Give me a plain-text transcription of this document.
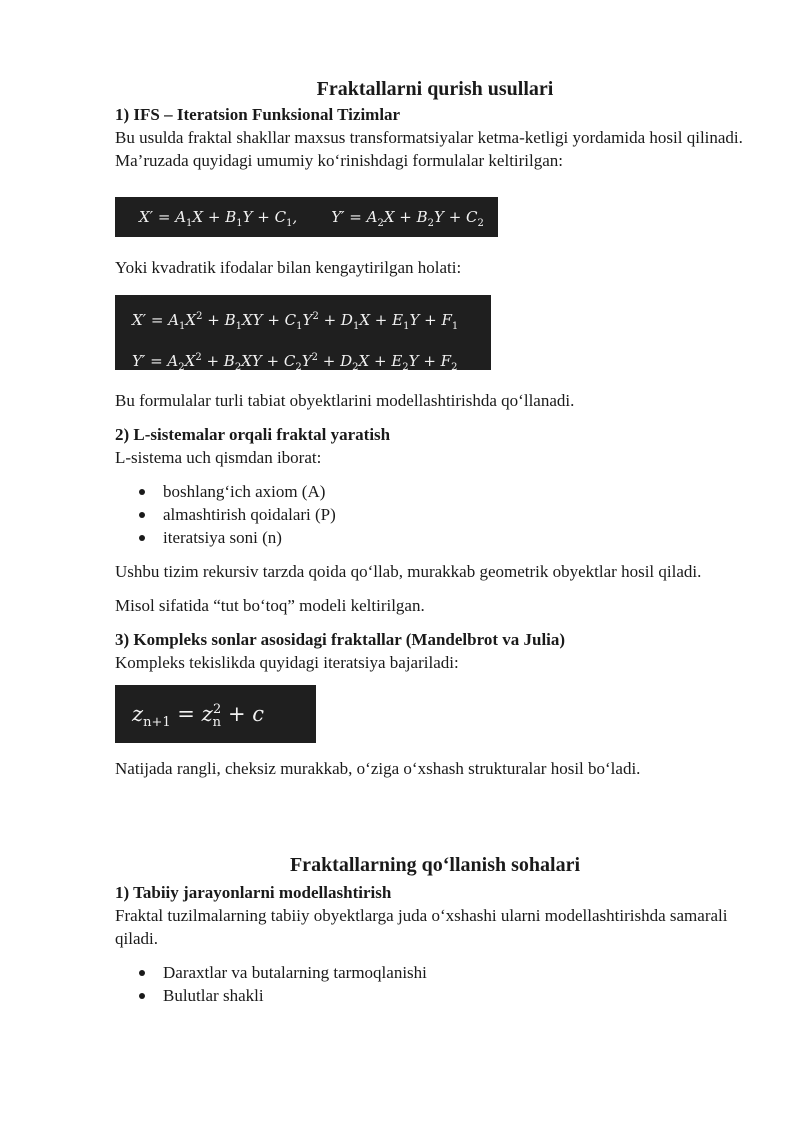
Fraktallarni qurish usullari
1) IFS – Iteratsion Funksional Tizimlar

Bu usulda fraktal shakllar maxsus transformatsiyalar ketma-ketligi yordamida hosil qilinadi. Ma’ruzada quyidagi umumiy ko‘rinishdagi formulalar keltirilgan:

$X' = A_1X + B_1Y + C_1$, $Y' = A_2X + B_2Y + C_2$

Yoki kvadratik ifodalar bilan kengaytirilgan holati:

$X' = A_1X^2 + B_1XY + C_1Y^2 + D_1X + E_1Y + F_1$
$Y' = A_2X^2 + B_2XY + C_2Y^2 + D_2X + E_2Y + F_2$

Bu formulalar turli tabiat obyektlarini modellashtirishda qo‘llanadi.

2) L-sistemalar orqali fraktal yaratish

L-sistema uch qismdan iborat:

boshlang‘ich axiom (A)
almashtirish qoidalari (P)
iteratsiya soni (n)

Ushbu tizim rekursiv tarzda qoida qo‘llab, murakkab geometrik obyektlar hosil qiladi.

Misol sifatida “tut bo‘toq” modeli keltirilgan.

3) Kompleks sonlar asosidagi fraktallar (Mandelbrot va Julia)

Kompleks tekislikda quyidagi iteratsiya bajariladi:

$z_{n+1} = z_n^2 + c$

Natijada rangli, cheksiz murakkab, o‘ziga o‘xshash strukturalar hosil bo‘ladi.

Fraktallarning qo‘llanish sohalari
1) Tabiiy jarayonlarni modellashtirish

Fraktal tuzilmalarning tabiiy obyektlarga juda o‘xshashi ularni modellashtirishda samarali qiladi.

Daraxtlar va butalarning tarmoqlanishi
Bulutlar shakli
